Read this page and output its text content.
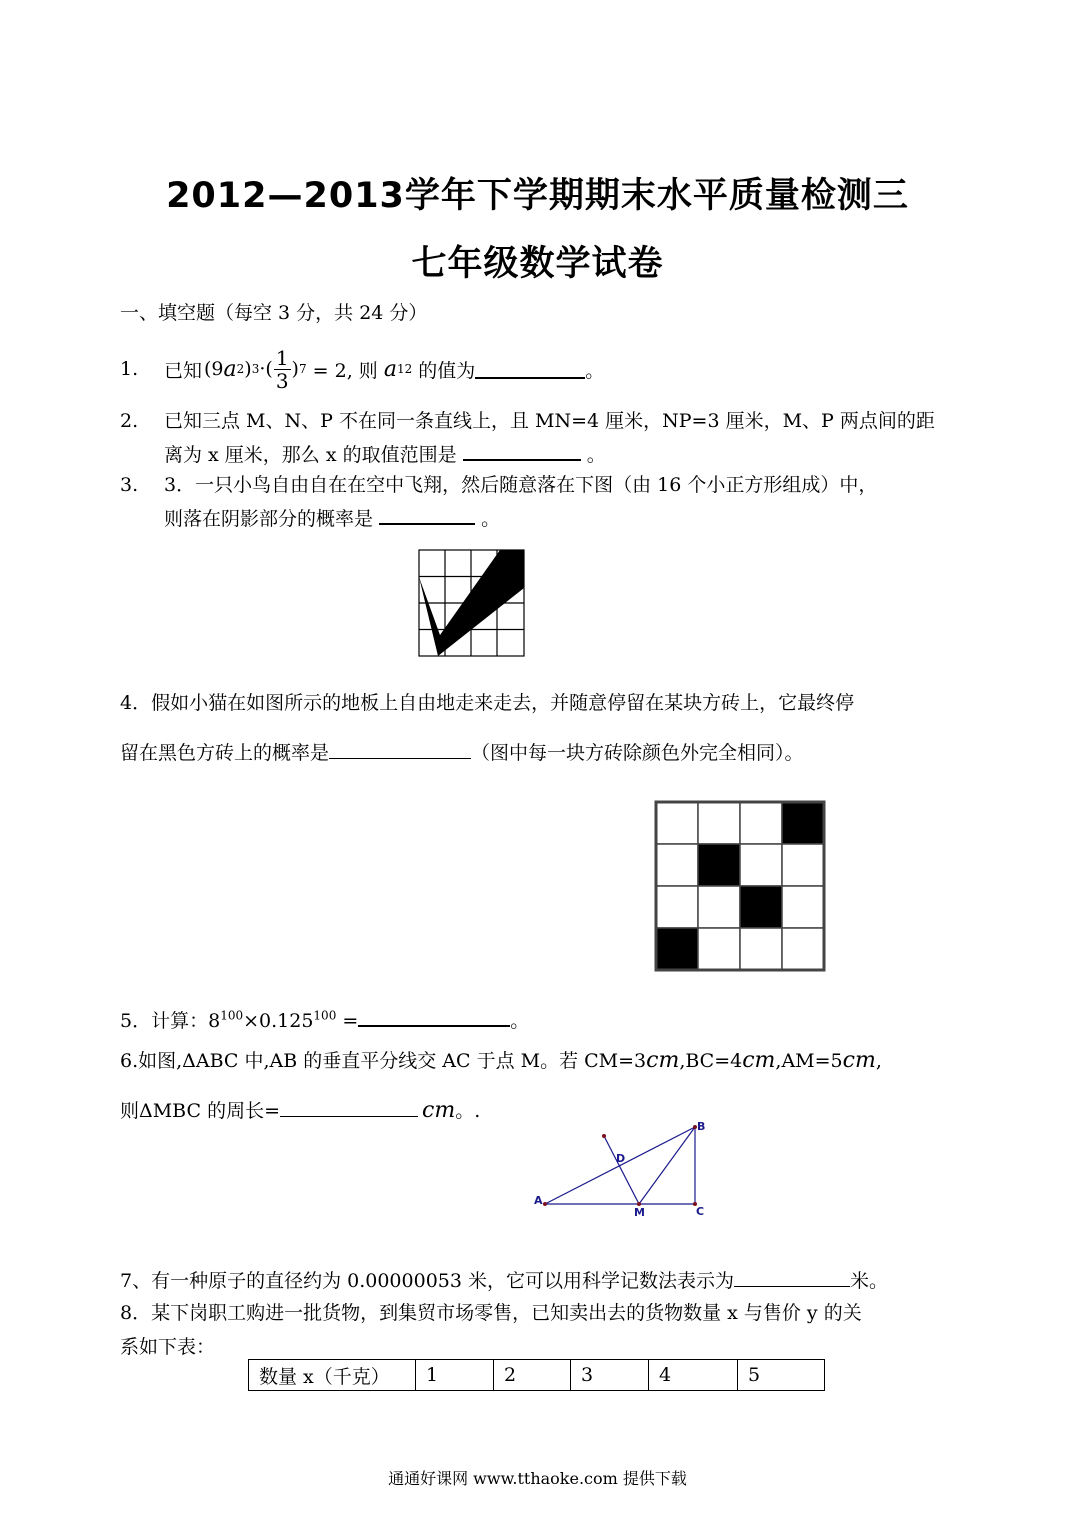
2012—2013学年下学期期末水平质量检测三
七年级数学试卷
一、填空题（每空 3 分，共 24 分）
1.	已知 (9 a 2 ) 3 ·( $\frac{1}{3}$ ) 7 = 2, 则 a 12 的值为	。
2. 已知三点 M、N、P 不在同一条直线上，且 MN=4 厘米，NP=3 厘米，M、P 两点间的距
离为 x 厘米，那么 x 的取值范围是	。
3. 3．一只小鸟自由自在在空中飞翔，然后随意落在下图（由 16 个小正方形组成）中，
则落在阴影部分的概率是	。
4．假如小猫在如图所示的地板上自由地走来走去，并随意停留在某块方砖上，它最终停
留在黑色方砖上的概率是	（图中每一块方砖除颜色外完全相同）。
5．计算：$8^{100}\times 0.125^{100}$ =	。
6.如图,ΔABC 中,AB 的垂直平分线交 AC 于点 M。若 CM=3cm,BC=4cm,AM=5cm,
则ΔMBC 的周长=	cm。.
A
B
C
D
M
7、有一种原子的直径约为 0.00000053 米，它可以用科学记数法表示为	米。
8．某下岗职工购进一批货物，到集贸市场零售，已知卖出去的货物数量 x 与售价 y 的关
系如下表：
数量 x（千克）	1	2	3	4	5
通通好课网 www.tthaoke.com 提供下载
